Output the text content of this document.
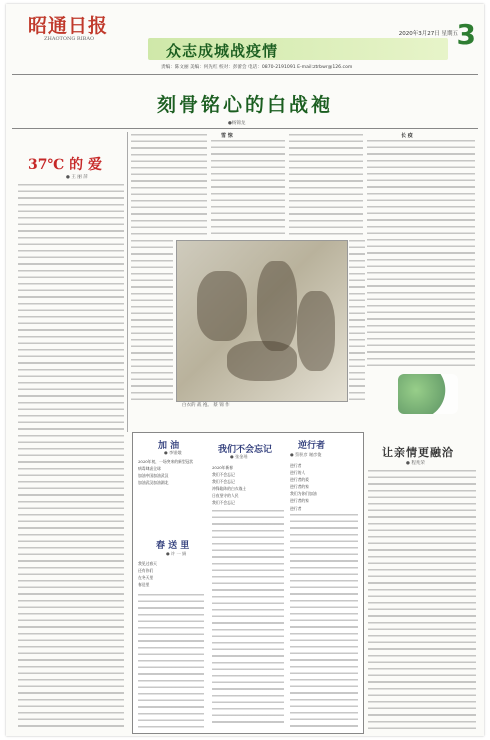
昭通日报
ZHAOTONG RIBAO
2020年3月27日 星期五
3
众志成城战疫情
责编：陈文丽 美编：何先红 校对：彭蕾会 电话：0870-2191091 E-mail:ztrbwr@126.com
刻骨铭心的白战袍
●杨锦龙
37℃ 的 爱
● 王 丽 萍
雪 惊	长 疫
白衣的 战 袍。 蔡 锦 作
让亲情更融洽
● 程兆荣
加 油
● 李银娥
2020年初，一场突来的新型冠状
病毒肆虐全球
加油中国加油武汉
加油武汉加油湖北
我们不会忘记
● 张金瑶
2020年新春
我们不会忘记
我们不会忘记
冲锋陷阵的白衣战士
日夜坚守的人民
我们不会忘记
逆行者
● 蔡积彦 谢彦俊
逆行者
逆行的人
逆行者的爱
逆行者的家
我们为你们加油
逆行者的家
逆行者
春 送 里
● 许 一 娟
我见过春天
还有你们
在冬天里
春送里
